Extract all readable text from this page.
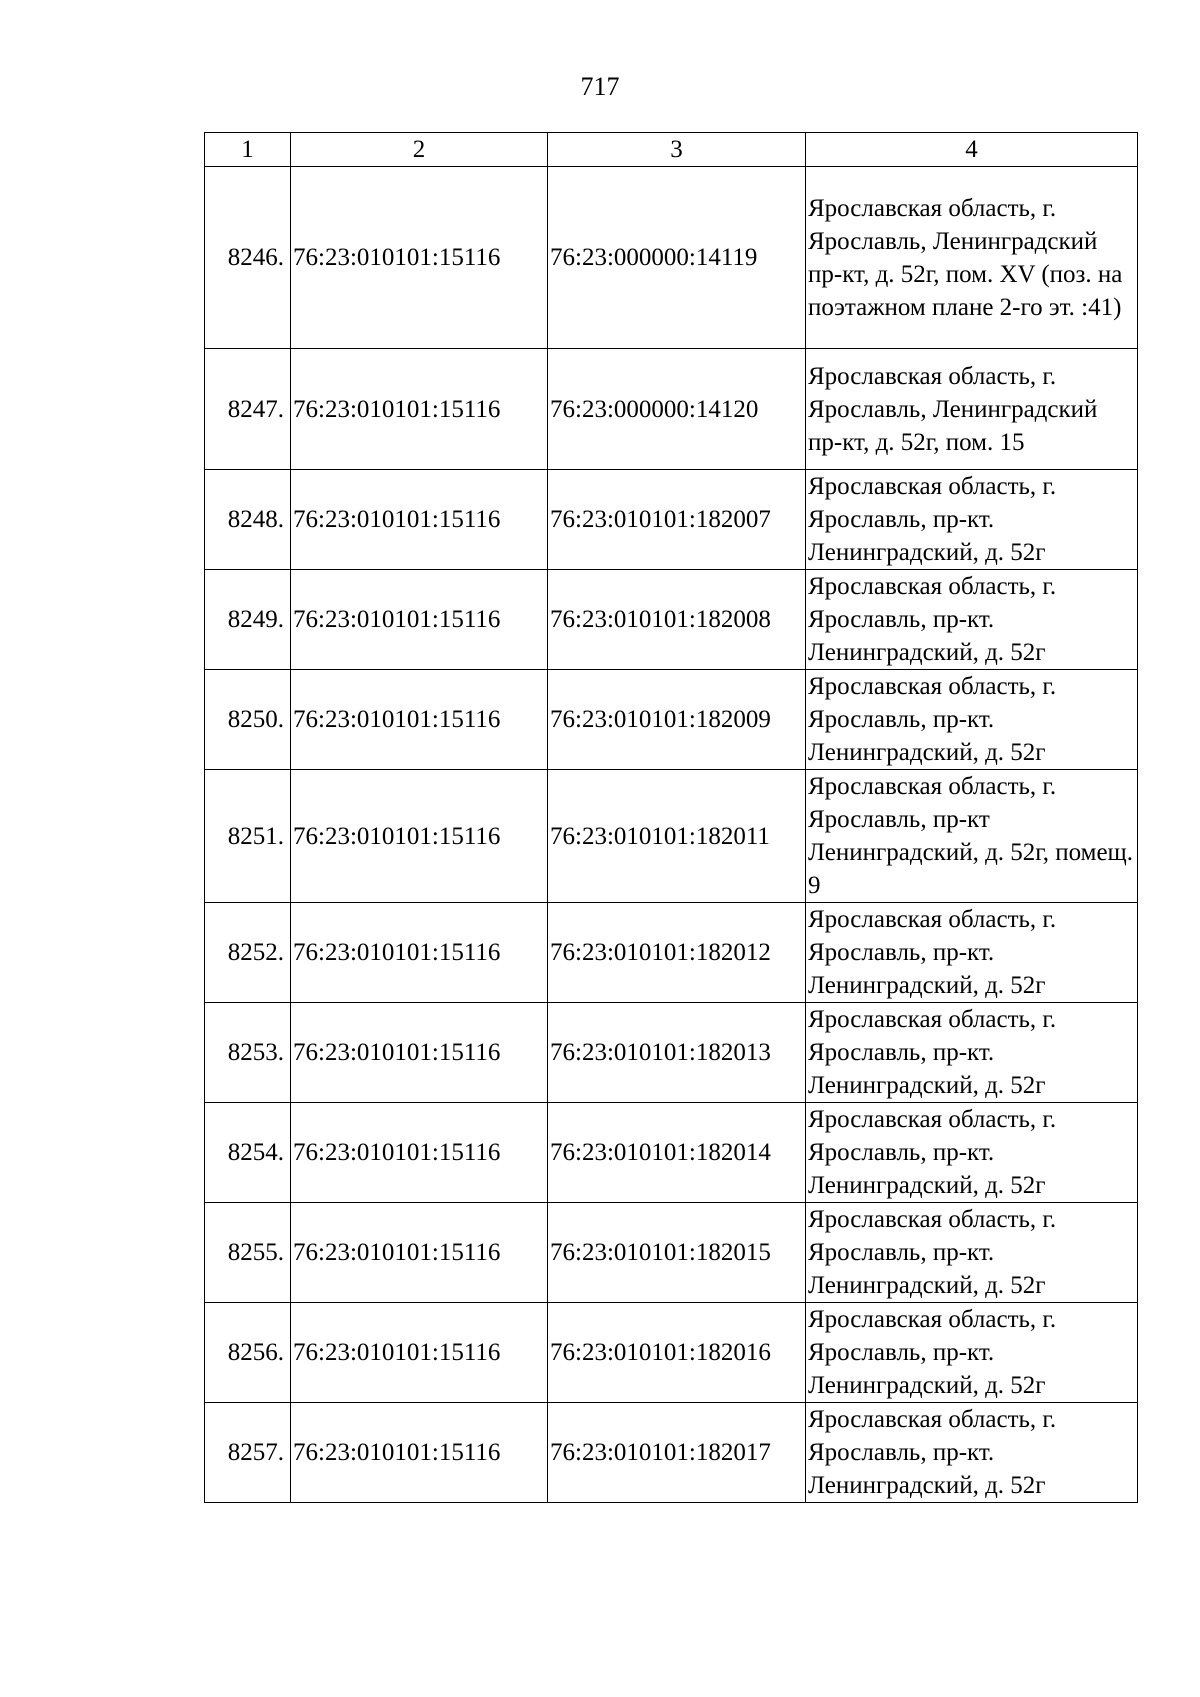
717
1	2	3	4
8246.	76:23:010101:15116	76:23:000000:14119	Ярославская область, г. Ярославль, Ленинградский пр-кт, д. 52г, пом. XV (поз. на поэтажном плане 2-го эт. :41)
8247.	76:23:010101:15116	76:23:000000:14120	Ярославская область, г. Ярославль, Ленинградский пр-кт, д. 52г, пом. 15
8248.	76:23:010101:15116	76:23:010101:182007	Ярославская область, г. Ярославль, пр-кт. Ленинградский, д. 52г
8249.	76:23:010101:15116	76:23:010101:182008	Ярославская область, г. Ярославль, пр-кт. Ленинградский, д. 52г
8250.	76:23:010101:15116	76:23:010101:182009	Ярославская область, г. Ярославль, пр-кт. Ленинградский, д. 52г
8251.	76:23:010101:15116	76:23:010101:182011	Ярославская область, г. Ярославль, пр-кт Ленинградский, д. 52г, помещ. 9
8252.	76:23:010101:15116	76:23:010101:182012	Ярославская область, г. Ярославль, пр-кт. Ленинградский, д. 52г
8253.	76:23:010101:15116	76:23:010101:182013	Ярославская область, г. Ярославль, пр-кт. Ленинградский, д. 52г
8254.	76:23:010101:15116	76:23:010101:182014	Ярославская область, г. Ярославль, пр-кт. Ленинградский, д. 52г
8255.	76:23:010101:15116	76:23:010101:182015	Ярославская область, г. Ярославль, пр-кт. Ленинградский, д. 52г
8256.	76:23:010101:15116	76:23:010101:182016	Ярославская область, г. Ярославль, пр-кт. Ленинградский, д. 52г
8257.	76:23:010101:15116	76:23:010101:182017	Ярославская область, г. Ярославль, пр-кт. Ленинградский, д. 52г
